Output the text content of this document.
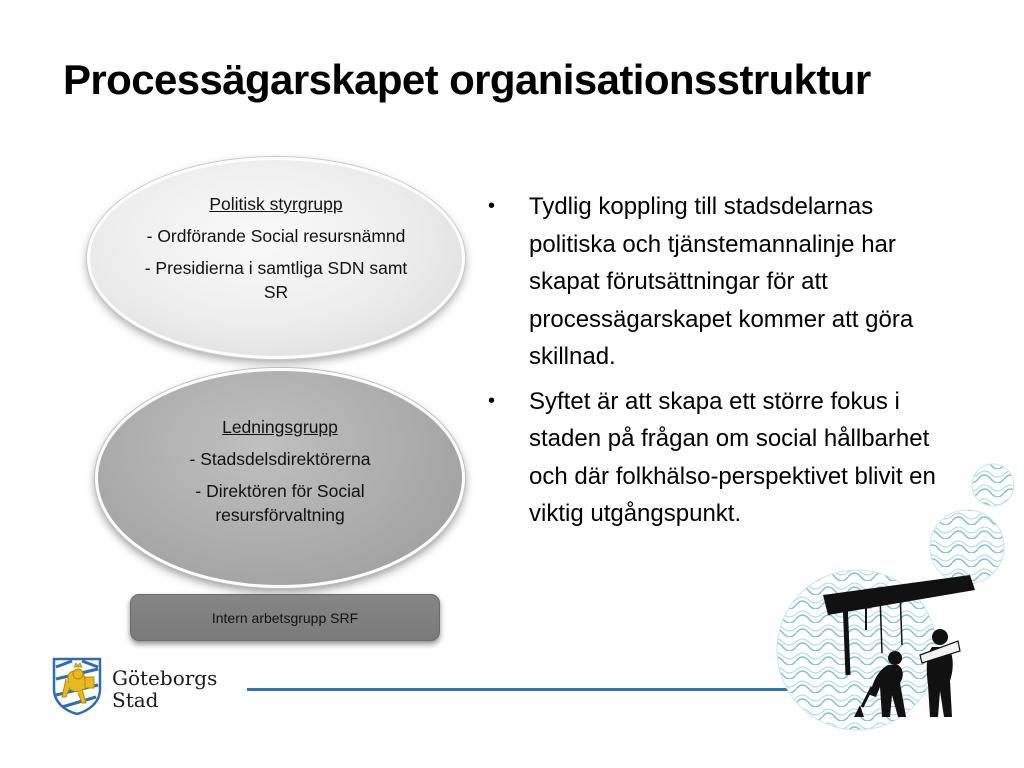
Processägarskapet organisationsstruktur

Politisk styrgrupp

- Ordförande Social resursnämnd

- Presidierna i samtliga SDN samt SR

Ledningsgrupp

- Stadsdelsdirektörerna

- Direktören för Social resursförvaltning

Intern arbetsgrupp SRF
• Tydlig koppling till stadsdelarnas politiska och tjänstemannalinje har skapat förutsättningar för att processägarskapet kommer att göra skillnad.
• Syftet är att skapa ett större fokus i staden på frågan om social hållbarhet och där folkhälso-perspektivet blivit en viktig utgångspunkt.
Göteborgs
Stad
